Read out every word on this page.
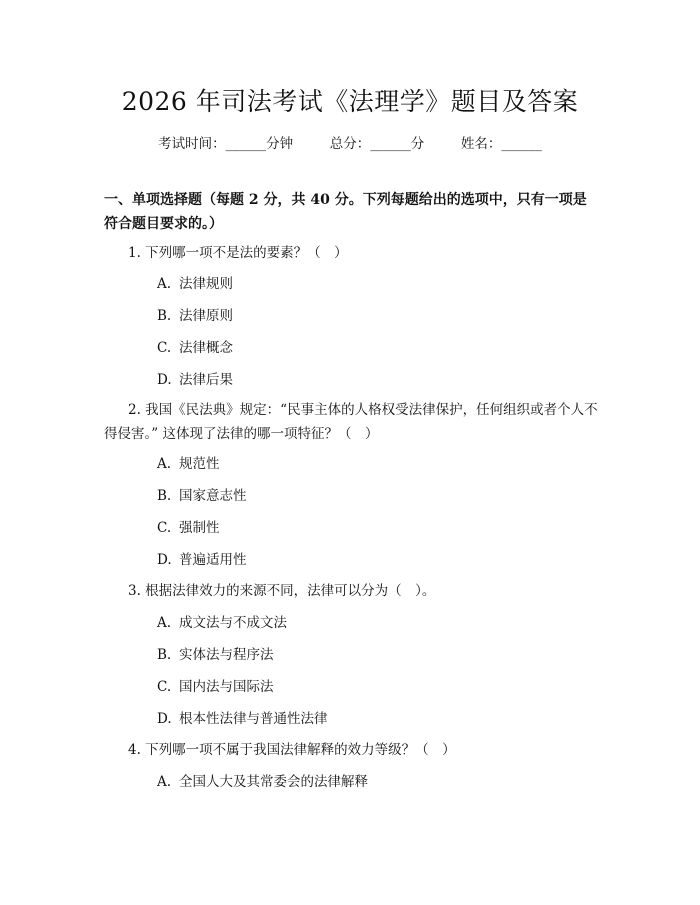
2026 年司法考试《法理学》题目及答案
考试时间：______分钟	总分：______分	姓名：______
一、单项选择题（每题 2 分，共 40 分。下列每题给出的选项中，只有一项是符合题目要求的。）
1. 下列哪一项不是法的要素？（　）
A. 法律规则
B. 法律原则
C. 法律概念
D. 法律后果
2. 我国《民法典》规定：“民事主体的人格权受法律保护，任何组织或者个人不得侵害。” 这体现了法律的哪一项特征？（　）
A. 规范性
B. 国家意志性
C. 强制性
D. 普遍适用性
3. 根据法律效力的来源不同，法律可以分为（　）。
A. 成文法与不成文法
B. 实体法与程序法
C. 国内法与国际法
D. 根本性法律与普通性法律
4. 下列哪一项不属于我国法律解释的效力等级？（　）
A. 全国人大及其常委会的法律解释
